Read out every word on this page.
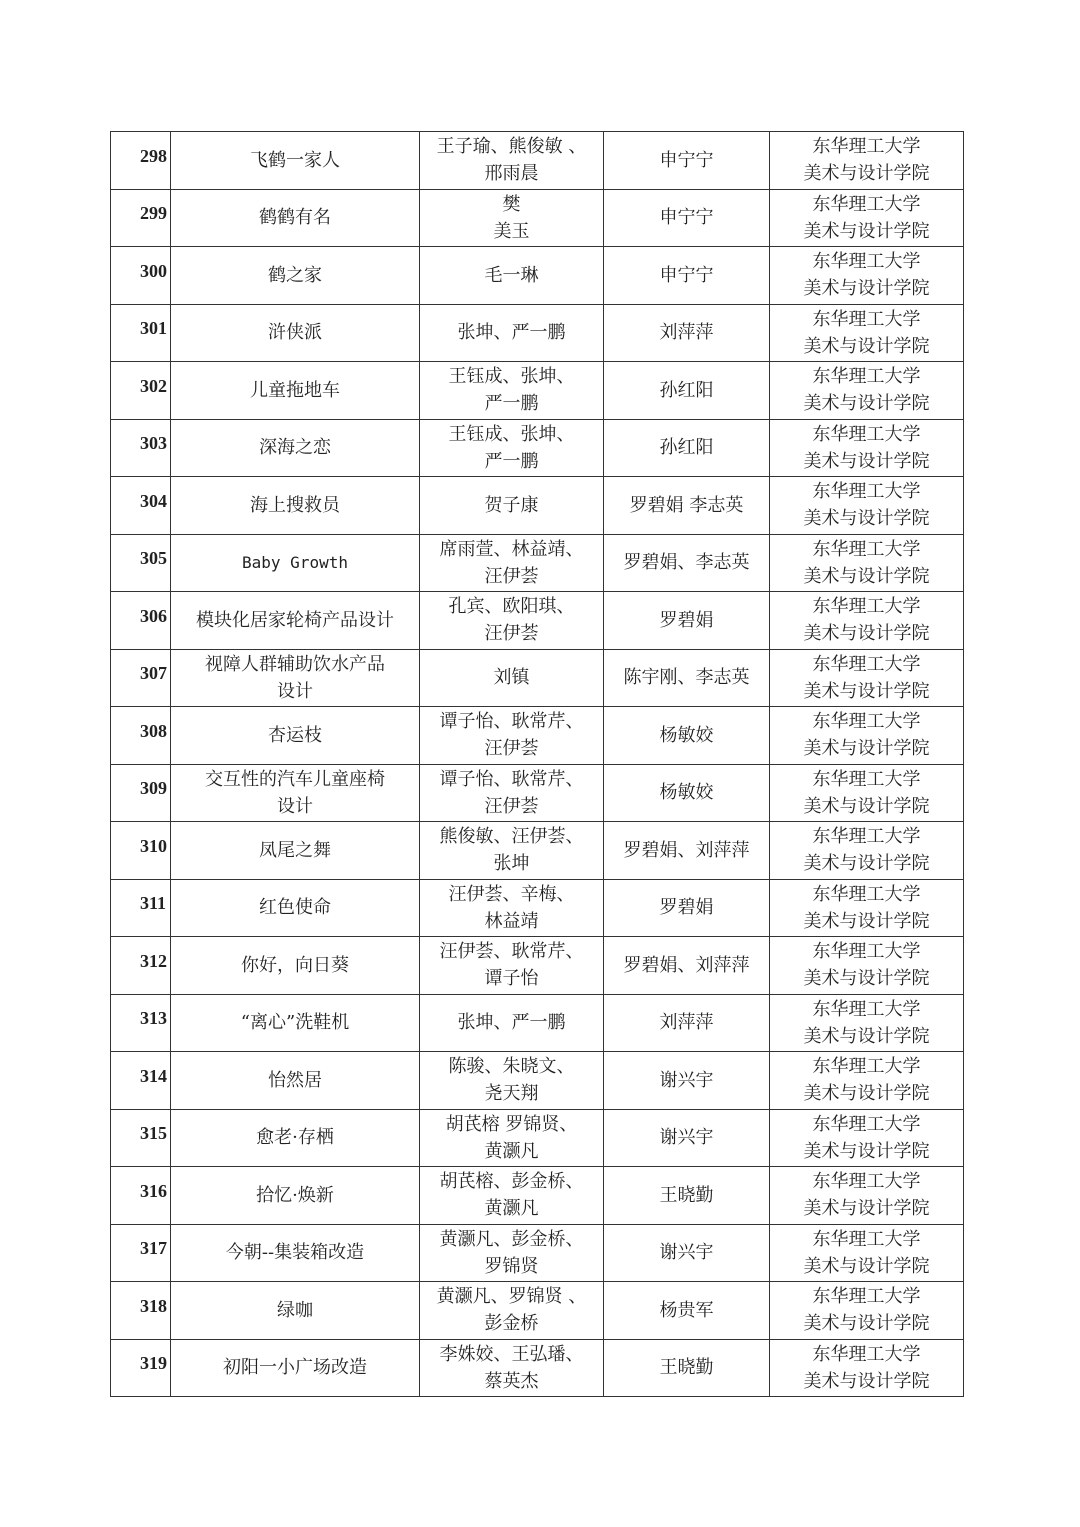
298	飞鹤一家人	王子瑜、熊俊敏 、
邢雨晨	申宁宁	东华理工大学
美术与设计学院

299	鹤鹤有名	樊
美玉	申宁宁	东华理工大学
美术与设计学院

300	鹤之家	毛一琳	申宁宁	东华理工大学
美术与设计学院

301	浒侠派	张坤、严一鹏	刘萍萍	东华理工大学
美术与设计学院

302	儿童拖地车	王钰成、张坤、
严一鹏	孙红阳	东华理工大学
美术与设计学院

303	深海之恋	王钰成、张坤、
严一鹏	孙红阳	东华理工大学
美术与设计学院

304	海上搜救员	贺子康	罗碧娟 李志英	东华理工大学
美术与设计学院

305	Baby Growth	席雨萱、林益靖、
汪伊荟	罗碧娟、李志英	东华理工大学
美术与设计学院

306	模块化居家轮椅产品设计	孔宾、欧阳琪、
汪伊荟	罗碧娟	东华理工大学
美术与设计学院

307	视障人群辅助饮水产品
设计	刘镇	陈宇刚、李志英	东华理工大学
美术与设计学院

308	杏运枝	谭子怡、耿常芹、
汪伊荟	杨敏姣	东华理工大学
美术与设计学院

309	交互性的汽车儿童座椅
设计	谭子怡、耿常芹、
汪伊荟	杨敏姣	东华理工大学
美术与设计学院

310	凤尾之舞	熊俊敏、汪伊荟、
张坤	罗碧娟、刘萍萍	东华理工大学
美术与设计学院

311	红色使命	汪伊荟、辛梅、
林益靖	罗碧娟	东华理工大学
美术与设计学院

312	你好，向日葵	汪伊荟、耿常芹、
谭子怡	罗碧娟、刘萍萍	东华理工大学
美术与设计学院

313	“离心”洗鞋机	张坤、严一鹏	刘萍萍	东华理工大学
美术与设计学院

314	怡然居	陈骏、朱晓文、
尧天翔	谢兴宇	东华理工大学
美术与设计学院

315	愈老·存栖	胡芪榕 罗锦贤、
黄灏凡	谢兴宇	东华理工大学
美术与设计学院

316	拾忆·焕新	胡芪榕、彭金桥、
黄灏凡	王晓勤	东华理工大学
美术与设计学院

317	今朝--集装箱改造	黄灏凡、彭金桥、
罗锦贤	谢兴宇	东华理工大学
美术与设计学院

318	绿咖	黄灏凡、罗锦贤 、
彭金桥	杨贵军	东华理工大学
美术与设计学院

319	初阳一小广场改造	李姝姣、王弘璠、
蔡英杰	王晓勤	东华理工大学
美术与设计学院
